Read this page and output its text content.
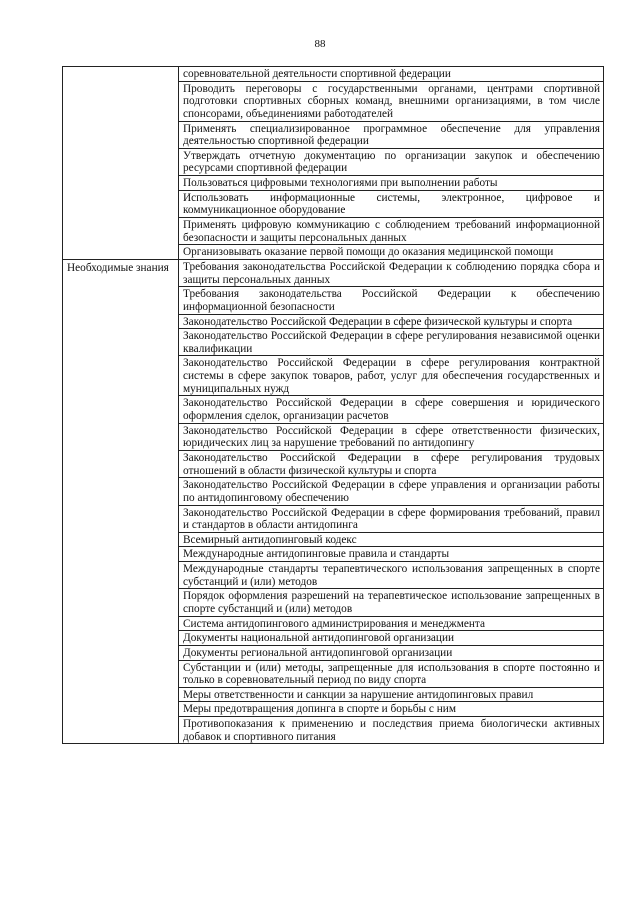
88
	соревновательной деятельности спортивной федерации
	Проводить переговоры с государственными органами, центрами спортивной подготовки спортивных сборных команд, внешними организациями, в том числе спонсорами, объединениями работодателей
	Применять специализированное программное обеспечение для управления деятельностью спортивной федерации
	Утверждать отчетную документацию по организации закупок и обеспечению ресурсами спортивной федерации
	Пользоваться цифровыми технологиями при выполнении работы
	Использовать информационные системы, электронное, цифровое и коммуникационное оборудование
	Применять цифровую коммуникацию с соблюдением требований информационной безопасности и защиты персональных данных
	Организовывать оказание первой помощи до оказания медицинской помощи

Необходимые знания	Требования законодательства Российской Федерации к соблюдению порядка сбора и защиты персональных данных
	Требования законодательства Российской Федерации к обеспечению информационной безопасности
	Законодательство Российской Федерации в сфере физической культуры и спорта
	Законодательство Российской Федерации в сфере регулирования независимой оценки квалификации
	Законодательство Российской Федерации в сфере регулирования контрактной системы в сфере закупок товаров, работ, услуг для обеспечения государственных и муниципальных нужд
	Законодательство Российской Федерации в сфере совершения и юридического оформления сделок, организации расчетов
	Законодательство Российской Федерации в сфере ответственности физических, юридических лиц за нарушение требований по антидопингу
	Законодательство Российской Федерации в сфере регулирования трудовых отношений в области физической культуры и спорта
	Законодательство Российской Федерации в сфере управления и организации работы по антидопинговому обеспечению
	Законодательство Российской Федерации в сфере формирования требований, правил и стандартов в области антидопинга
	Всемирный антидопинговый кодекс
	Международные антидопинговые правила и стандарты
	Международные стандарты терапевтического использования запрещенных в спорте субстанций и (или) методов
	Порядок оформления разрешений на терапевтическое использование запрещенных в спорте субстанций и (или) методов
	Система антидопингового администрирования и менеджмента
	Документы национальной антидопинговой организации
	Документы региональной антидопинговой организации
	Субстанции и (или) методы, запрещенные для использования в спорте постоянно и только в соревновательный период по виду спорта
	Меры ответственности и санкции за нарушение антидопинговых правил
	Меры предотвращения допинга в спорте и борьбы с ним
	Противопоказания к применению и последствия приема биологически активных добавок и спортивного питания
